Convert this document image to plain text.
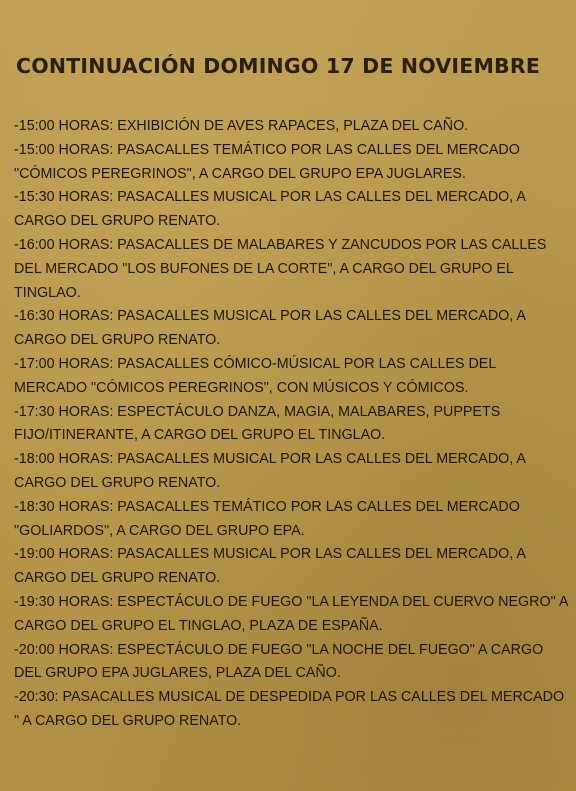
CONTINUACIÓN DOMINGO 17 DE NOVIEMBRE
-15:00 HORAS: EXHIBICIÓN DE AVES RAPACES, PLAZA DEL CAÑO.
-15:00 HORAS: PASACALLES TEMÁTICO POR LAS CALLES DEL MERCADO "CÓMICOS PEREGRINOS", A CARGO DEL GRUPO EPA JUGLARES.
-15:30 HORAS: PASACALLES MUSICAL POR LAS CALLES DEL MERCADO, A CARGO DEL GRUPO RENATO.
-16:00 HORAS: PASACALLES DE MALABARES Y ZANCUDOS POR LAS CALLES DEL MERCADO "LOS BUFONES DE LA CORTE", A CARGO DEL GRUPO EL TINGLAO.
-16:30 HORAS: PASACALLES MUSICAL POR LAS CALLES DEL MERCADO, A CARGO DEL GRUPO RENATO.
-17:00 HORAS: PASACALLES CÓMICO-MÚSICAL POR LAS CALLES DEL MERCADO "CÓMICOS PEREGRINOS", CON MÚSICOS Y CÓMICOS.
-17:30 HORAS: ESPECTÁCULO DANZA, MAGIA, MALABARES, PUPPETS FIJO/ITINERANTE, A CARGO DEL GRUPO EL TINGLAO.
-18:00 HORAS: PASACALLES MUSICAL POR LAS CALLES DEL MERCADO, A CARGO DEL GRUPO RENATO.
-18:30 HORAS: PASACALLES TEMÁTICO POR LAS CALLES DEL MERCADO "GOLIARDOS", A CARGO DEL GRUPO EPA.
-19:00 HORAS: PASACALLES MUSICAL POR LAS CALLES DEL MERCADO, A CARGO DEL GRUPO RENATO.
-19:30 HORAS: ESPECTÁCULO DE FUEGO "LA LEYENDA DEL CUERVO NEGRO" A CARGO DEL GRUPO EL TINGLAO, PLAZA DE ESPAÑA.
-20:00 HORAS: ESPECTÁCULO DE FUEGO "LA NOCHE DEL FUEGO" A CARGO DEL GRUPO EPA JUGLARES, PLAZA DEL CAÑO.
-20:30: PASACALLES MUSICAL DE DESPEDIDA POR LAS CALLES DEL MERCADO " A CARGO DEL GRUPO RENATO.
